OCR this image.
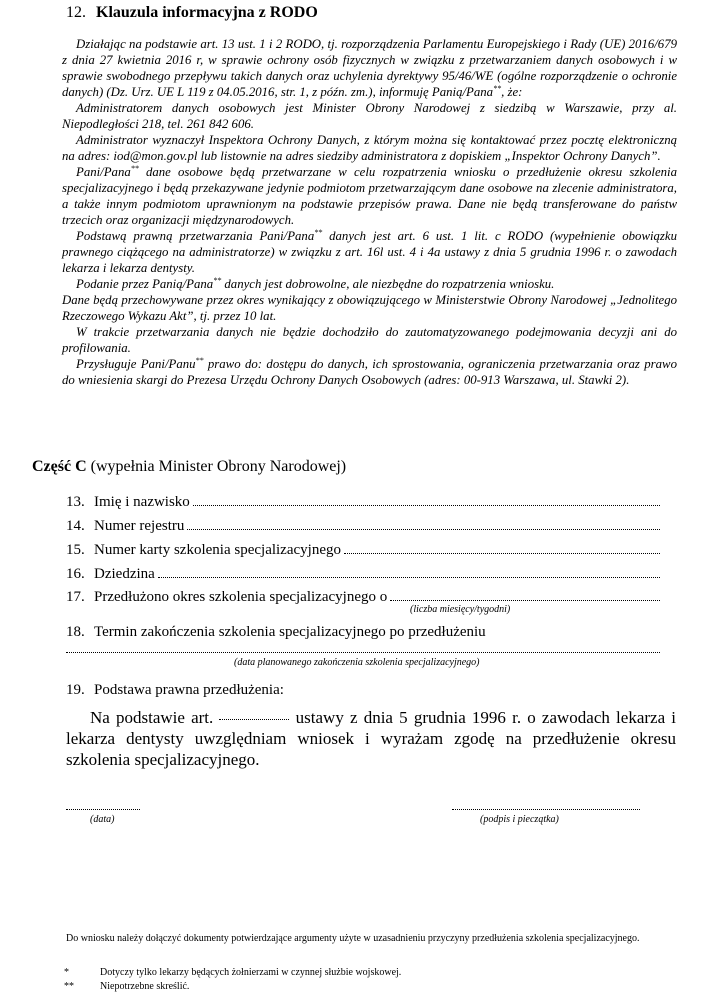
12. Klauzula informacyjna z RODO

Działając na podstawie art. 13 ust. 1 i 2 RODO, tj. rozporządzenia Parlamentu Europejskiego i Rady (UE) 2016/679 z dnia 27 kwietnia 2016 r, w sprawie ochrony osób fizycznych w związku z przetwarzaniem danych osobowych i w sprawie swobodnego przepływu takich danych oraz uchylenia dyrektywy 95/46/WE (ogólne rozporządzenie o ochronie danych) (Dz. Urz. UE L 119 z 04.05.2016, str. 1, z późn. zm.), informuję Panią/Pana**, że:

Administratorem danych osobowych jest Minister Obrony Narodowej z siedzibą w Warszawie, przy al. Niepodległości 218, tel. 261 842 606.

Administrator wyznaczył Inspektora Ochrony Danych, z którym można się kontaktować przez pocztę elektroniczną na adres: iod@mon.gov.pl lub listownie na adres siedziby administratora z dopiskiem „Inspektor Ochrony Danych”.

Pani/Pana** dane osobowe będą przetwarzane w celu rozpatrzenia wniosku o przedłużenie okresu szkolenia specjalizacyjnego i będą przekazywane jedynie podmiotom przetwarzającym dane osobowe na zlecenie administratora, a także innym podmiotom uprawnionym na podstawie przepisów prawa. Dane nie będą transferowane do państw trzecich oraz organizacji międzynarodowych.

Podstawą prawną przetwarzania Pani/Pana** danych jest art. 6 ust. 1 lit. c RODO (wypełnienie obowiązku prawnego ciążącego na administratorze) w związku z art. 16l ust. 4 i 4a ustawy z dnia 5 grudnia 1996 r. o zawodach lekarza i lekarza dentysty.

Podanie przez Panią/Pana** danych jest dobrowolne, ale niezbędne do rozpatrzenia wniosku.

Dane będą przechowywane przez okres wynikający z obowiązującego w Ministerstwie Obrony Narodowej „Jednolitego Rzeczowego Wykazu Akt”, tj. przez 10 lat.

W trakcie przetwarzania danych nie będzie dochodziło do zautomatyzowanego podejmowania decyzji ani do profilowania.

Przysługuje Pani/Panu** prawo do: dostępu do danych, ich sprostowania, ograniczenia przetwarzania oraz prawo do wniesienia skargi do Prezesa Urzędu Ochrony Danych Osobowych (adres: 00-913 Warszawa, ul. Stawki 2).

Część C (wypełnia Minister Obrony Narodowej)
13. Imię i nazwisko
14. Numer rejestru
15. Numer karty szkolenia specjalizacyjnego
16. Dziedzina
17. Przedłużono okres szkolenia specjalizacyjnego o
(liczba miesięcy/tygodni)
18. Termin zakończenia szkolenia specjalizacyjnego po przedłużeniu
(data planowanego zakończenia szkolenia specjalizacyjnego)
19. Podstawa prawna przedłużenia:
Na podstawie art.	ustawy z dnia 5 grudnia 1996 r. o zawodach lekarza i lekarza dentysty uwzględniam wniosek i wyrażam zgodę na przedłużenie okresu szkolenia specjalizacyjnego.
(data)	(podpis i pieczątka)
Do wniosku należy dołączyć dokumenty potwierdzające argumenty użyte w uzasadnieniu przyczyny przedłużenia szkolenia specjalizacyjnego.
*	Dotyczy tylko lekarzy będących żołnierzami w czynnej służbie wojskowej.
**	Niepotrzebne skreślić.
